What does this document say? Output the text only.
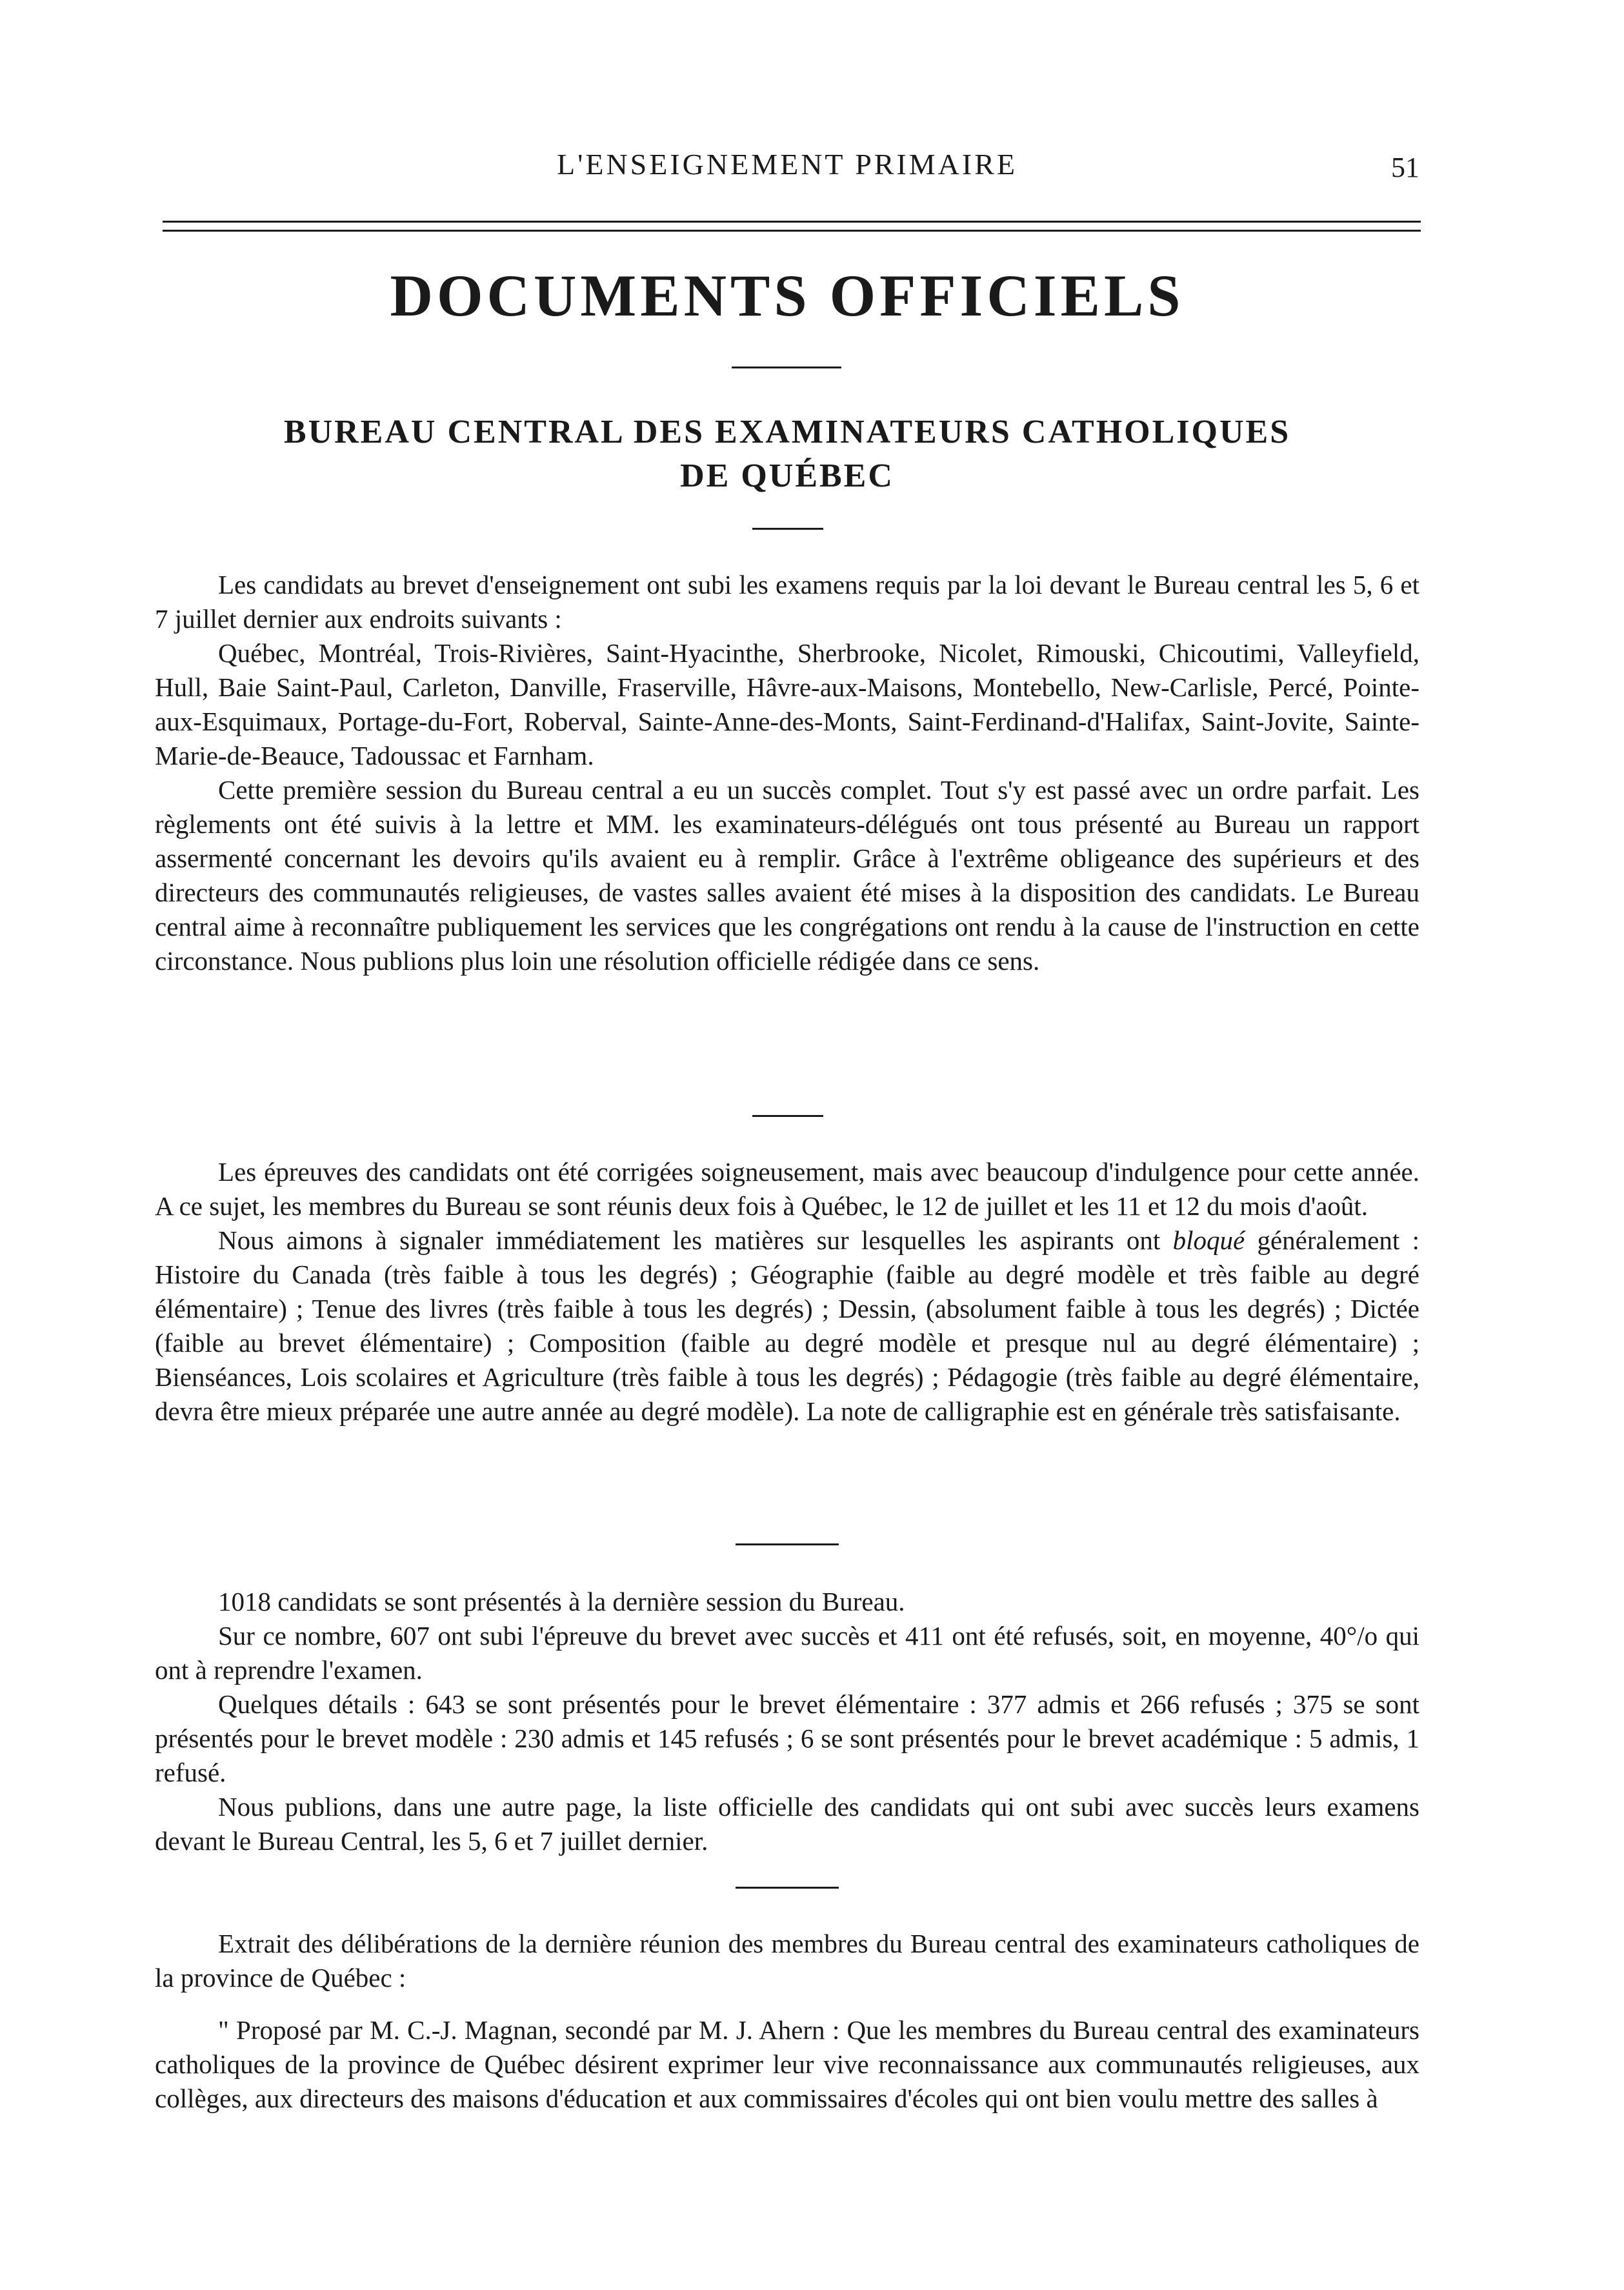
L'ENSEIGNEMENT PRIMAIRE	51
DOCUMENTS OFFICIELS
BUREAU CENTRAL DES EXAMINATEURS CATHOLIQUES
DE QUÉBEC

Les candidats au brevet d'enseignement ont subi les examens requis par la loi devant le Bureau central les 5, 6 et 7 juillet dernier aux endroits suivants :

Québec, Montréal, Trois-Rivières, Saint-Hyacinthe, Sherbrooke, Nicolet, Rimouski, Chicoutimi, Valleyfield, Hull, Baie Saint-Paul, Carleton, Danville, Fraserville, Hâvre-aux-Maisons, Montebello, New-Carlisle, Percé, Pointe-aux-Esquimaux, Portage-du-Fort, Roberval, Sainte-Anne-des-Monts, Saint-Ferdinand-d'Halifax, Saint-Jovite, Sainte-Marie-de-Beauce, Tadoussac et Farnham.

Cette première session du Bureau central a eu un succès complet. Tout s'y est passé avec un ordre parfait. Les règlements ont été suivis à la lettre et MM. les examinateurs-délégués ont tous présenté au Bureau un rapport assermenté concernant les devoirs qu'ils avaient eu à remplir. Grâce à l'extrême obligeance des supérieurs et des directeurs des communautés religieuses, de vastes salles avaient été mises à la disposition des candidats. Le Bureau central aime à reconnaître publiquement les services que les congrégations ont rendu à la cause de l'instruction en cette circonstance. Nous publions plus loin une résolution officielle rédigée dans ce sens.

Les épreuves des candidats ont été corrigées soigneusement, mais avec beaucoup d'indulgence pour cette année. A ce sujet, les membres du Bureau se sont réunis deux fois à Québec, le 12 de juillet et les 11 et 12 du mois d'août.

Nous aimons à signaler immédiatement les matières sur lesquelles les aspirants ont bloqué généralement : Histoire du Canada (très faible à tous les degrés) ; Géographie (faible au degré modèle et très faible au degré élémentaire) ; Tenue des livres (très faible à tous les degrés) ; Dessin, (absolument faible à tous les degrés) ; Dictée (faible au brevet élémentaire) ; Composition (faible au degré modèle et presque nul au degré élémentaire) ; Bienséances, Lois scolaires et Agriculture (très faible à tous les degrés) ; Pédagogie (très faible au degré élémentaire, devra être mieux préparée une autre année au degré modèle). La note de calligraphie est en générale très satisfaisante.

1018 candidats se sont présentés à la dernière session du Bureau.

Sur ce nombre, 607 ont subi l'épreuve du brevet avec succès et 411 ont été refusés, soit, en moyenne, 40°/o qui ont à reprendre l'examen.

Quelques détails : 643 se sont présentés pour le brevet élémentaire : 377 admis et 266 refusés ; 375 se sont présentés pour le brevet modèle : 230 admis et 145 refusés ; 6 se sont présentés pour le brevet académique : 5 admis, 1 refusé.

Nous publions, dans une autre page, la liste officielle des candidats qui ont subi avec succès leurs examens devant le Bureau Central, les 5, 6 et 7 juillet dernier.

Extrait des délibérations de la dernière réunion des membres du Bureau central des examinateurs catholiques de la province de Québec :

" Proposé par M. C.-J. Magnan, secondé par M. J. Ahern : Que les membres du Bureau central des examinateurs catholiques de la province de Québec désirent exprimer leur vive reconnaissance aux communautés religieuses, aux collèges, aux directeurs des maisons d'éducation et aux commissaires d'écoles qui ont bien voulu mettre des salles à
